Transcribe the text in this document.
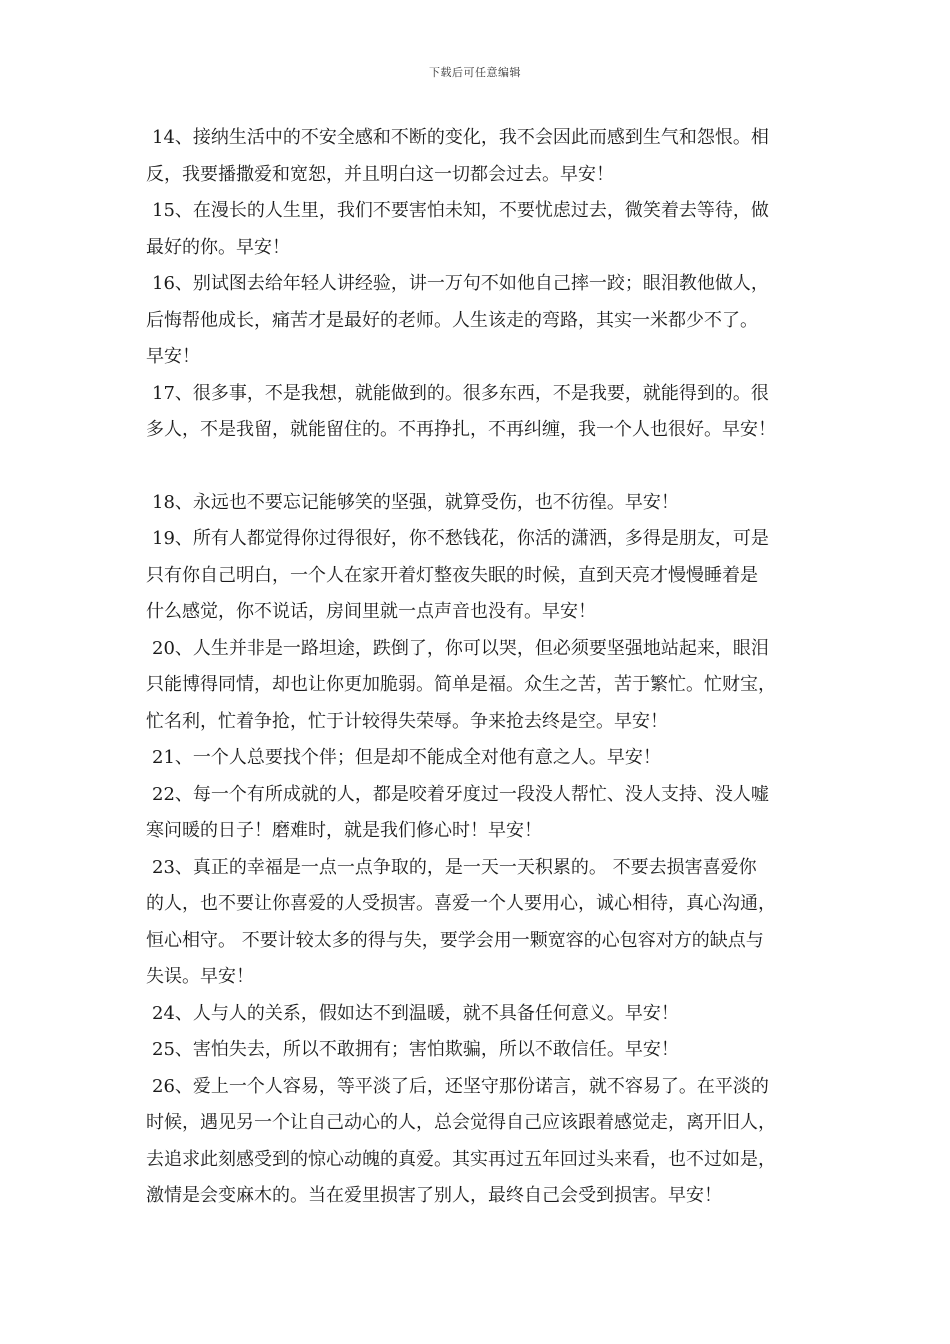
下载后可任意编辑
14、接纳生活中的不安全感和不断的变化，我不会因此而感到生气和怨恨。相
反，我要播撒爱和宽恕，并且明白这一切都会过去。早安！
15、在漫长的人生里，我们不要害怕未知，不要忧虑过去，微笑着去等待，做
最好的你。早安！
16、别试图去给年轻人讲经验，讲一万句不如他自己摔一跤；眼泪教他做人，
后悔帮他成长，痛苦才是最好的老师。人生该走的弯路，其实一米都少不了。
早安！
17、很多事，不是我想，就能做到的。很多东西，不是我要，就能得到的。很
多人，不是我留，就能留住的。不再挣扎，不再纠缠，我一个人也很好。早安！
18、永远也不要忘记能够笑的坚强，就算受伤，也不彷徨。早安！
19、所有人都觉得你过得很好，你不愁钱花，你活的潇洒，多得是朋友，可是
只有你自己明白，一个人在家开着灯整夜失眠的时候，直到天亮才慢慢睡着是
什么感觉，你不说话，房间里就一点声音也没有。早安！
20、人生并非是一路坦途，跌倒了，你可以哭，但必须要坚强地站起来，眼泪
只能博得同情，却也让你更加脆弱。简单是福。众生之苦，苦于繁忙。忙财宝，
忙名利，忙着争抢，忙于计较得失荣辱。争来抢去终是空。早安！
21、一个人总要找个伴；但是却不能成全对他有意之人。早安！
22、每一个有所成就的人，都是咬着牙度过一段没人帮忙、没人支持、没人嘘
寒问暖的日子！磨难时，就是我们修心时！早安！
23、真正的幸福是一点一点争取的，是一天一天积累的。 不要去损害喜爱你
的人，也不要让你喜爱的人受损害。喜爱一个人要用心，诚心相待，真心沟通，
恒心相守。 不要计较太多的得与失，要学会用一颗宽容的心包容对方的缺点与
失误。早安！
24、人与人的关系，假如达不到温暖，就不具备任何意义。早安！
25、害怕失去，所以不敢拥有；害怕欺骗，所以不敢信任。早安！
26、爱上一个人容易，等平淡了后，还坚守那份诺言，就不容易了。在平淡的
时候，遇见另一个让自己动心的人，总会觉得自己应该跟着感觉走，离开旧人，
去追求此刻感受到的惊心动魄的真爱。其实再过五年回过头来看，也不过如是，
激情是会变麻木的。当在爱里损害了别人，最终自己会受到损害。早安！
